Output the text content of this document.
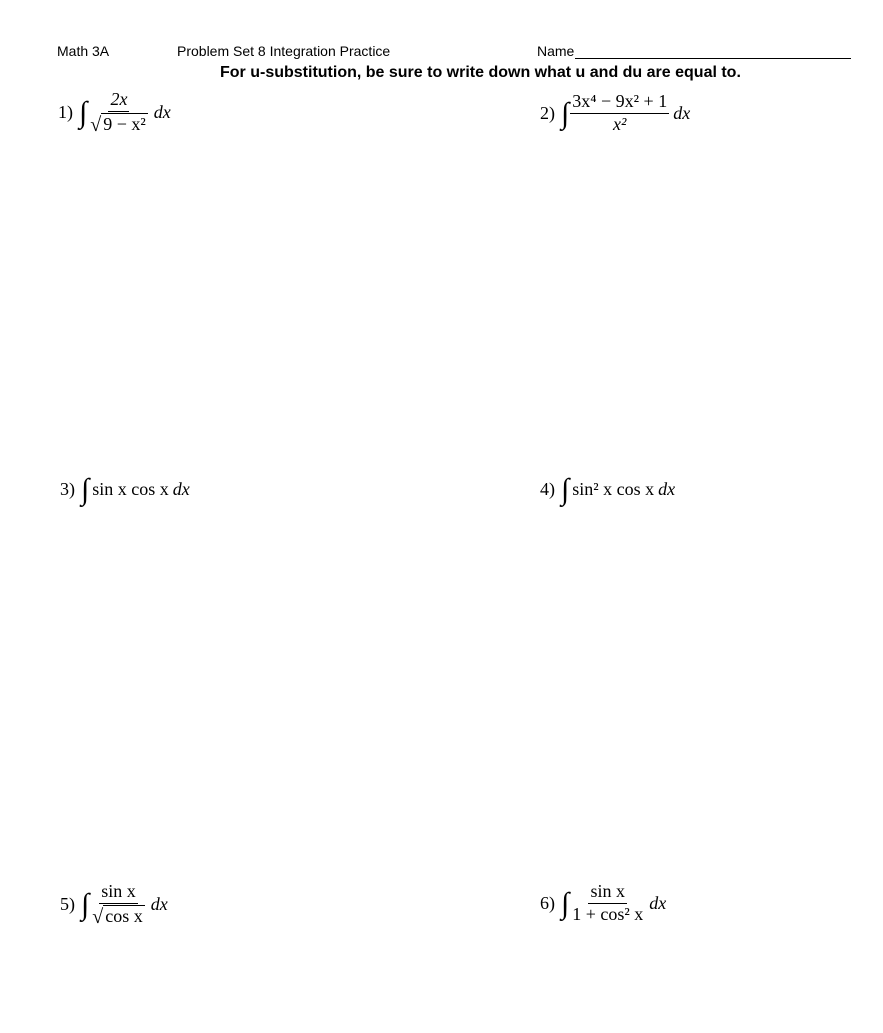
Math 3A	Problem Set 8 Integration Practice	Name
For u-substitution, be sure to write down what u and du are equal to.
1) ∫ $\frac{2x}{\text{√ 9 − x²}}$ dx	2) ∫ $\frac{\text{3x⁴ − 9x² + 1}}{\text{x²}}$ dx
3) ∫ sin x cos x dx	4) ∫ sin² x cos x dx
5) ∫ $\frac{\text{sin x}}{\text{√ cos x}}$ dx	6) ∫ $\frac{\text{sin x}}{\text{1 + cos² x}}$ dx
